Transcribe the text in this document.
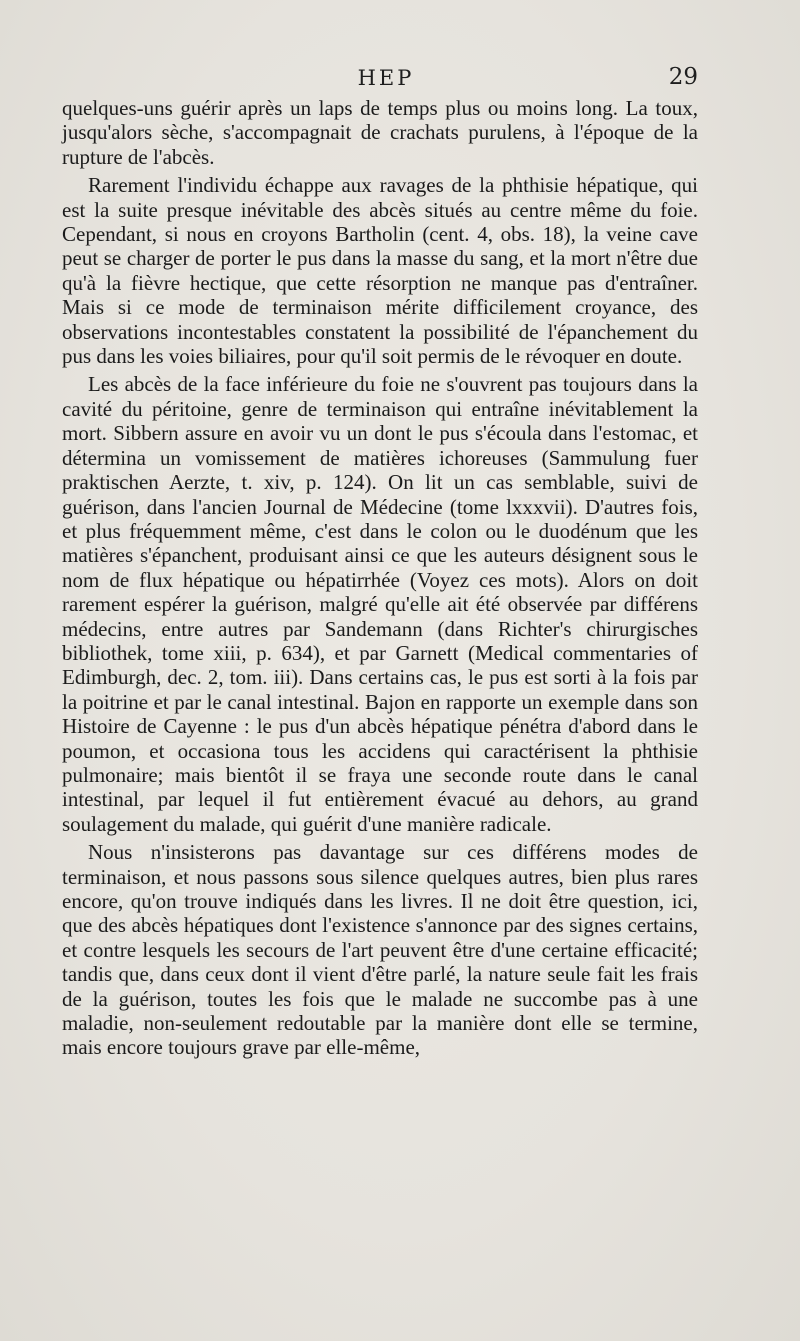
HEP	29

quelques-uns guérir après un laps de temps plus ou moins long. La toux, jusqu'alors sèche, s'accompagnait de crachats purulens, à l'époque de la rupture de l'abcès.

Rarement l'individu échappe aux ravages de la phthisie hépatique, qui est la suite presque inévitable des abcès situés au centre même du foie. Cependant, si nous en croyons Bartholin (cent. 4, obs. 18), la veine cave peut se charger de porter le pus dans la masse du sang, et la mort n'être due qu'à la fièvre hectique, que cette résorption ne manque pas d'entraîner. Mais si ce mode de terminaison mérite difficilement croyance, des observations incontestables constatent la possibilité de l'épanchement du pus dans les voies biliaires, pour qu'il soit permis de le révoquer en doute.

Les abcès de la face inférieure du foie ne s'ouvrent pas toujours dans la cavité du péritoine, genre de terminaison qui entraîne inévitablement la mort. Sibbern assure en avoir vu un dont le pus s'écoula dans l'estomac, et détermina un vomissement de matières ichoreuses (Sammulung fuer praktischen Aerzte, t. xiv, p. 124). On lit un cas semblable, suivi de guérison, dans l'ancien Journal de Médecine (tome lxxxvii). D'autres fois, et plus fréquemment même, c'est dans le colon ou le duodénum que les matières s'épanchent, produisant ainsi ce que les auteurs désignent sous le nom de flux hépatique ou hépatirrhée (Voyez ces mots). Alors on doit rarement espérer la guérison, malgré qu'elle ait été observée par différens médecins, entre autres par Sandemann (dans Richter's chirurgisches bibliothek, tome xiii, p. 634), et par Garnett (Medical commentaries of Edimburgh, dec. 2, tom. iii). Dans certains cas, le pus est sorti à la fois par la poitrine et par le canal intestinal. Bajon en rapporte un exemple dans son Histoire de Cayenne : le pus d'un abcès hépatique pénétra d'abord dans le poumon, et occasiona tous les accidens qui caractérisent la phthisie pulmonaire; mais bientôt il se fraya une seconde route dans le canal intestinal, par lequel il fut entièrement évacué au dehors, au grand soulagement du malade, qui guérit d'une manière radicale.

Nous n'insisterons pas davantage sur ces différens modes de terminaison, et nous passons sous silence quelques autres, bien plus rares encore, qu'on trouve indiqués dans les livres. Il ne doit être question, ici, que des abcès hépatiques dont l'existence s'annonce par des signes certains, et contre lesquels les secours de l'art peuvent être d'une certaine efficacité; tandis que, dans ceux dont il vient d'être parlé, la nature seule fait les frais de la guérison, toutes les fois que le malade ne succombe pas à une maladie, non-seulement redoutable par la manière dont elle se termine, mais encore toujours grave par elle-même,
